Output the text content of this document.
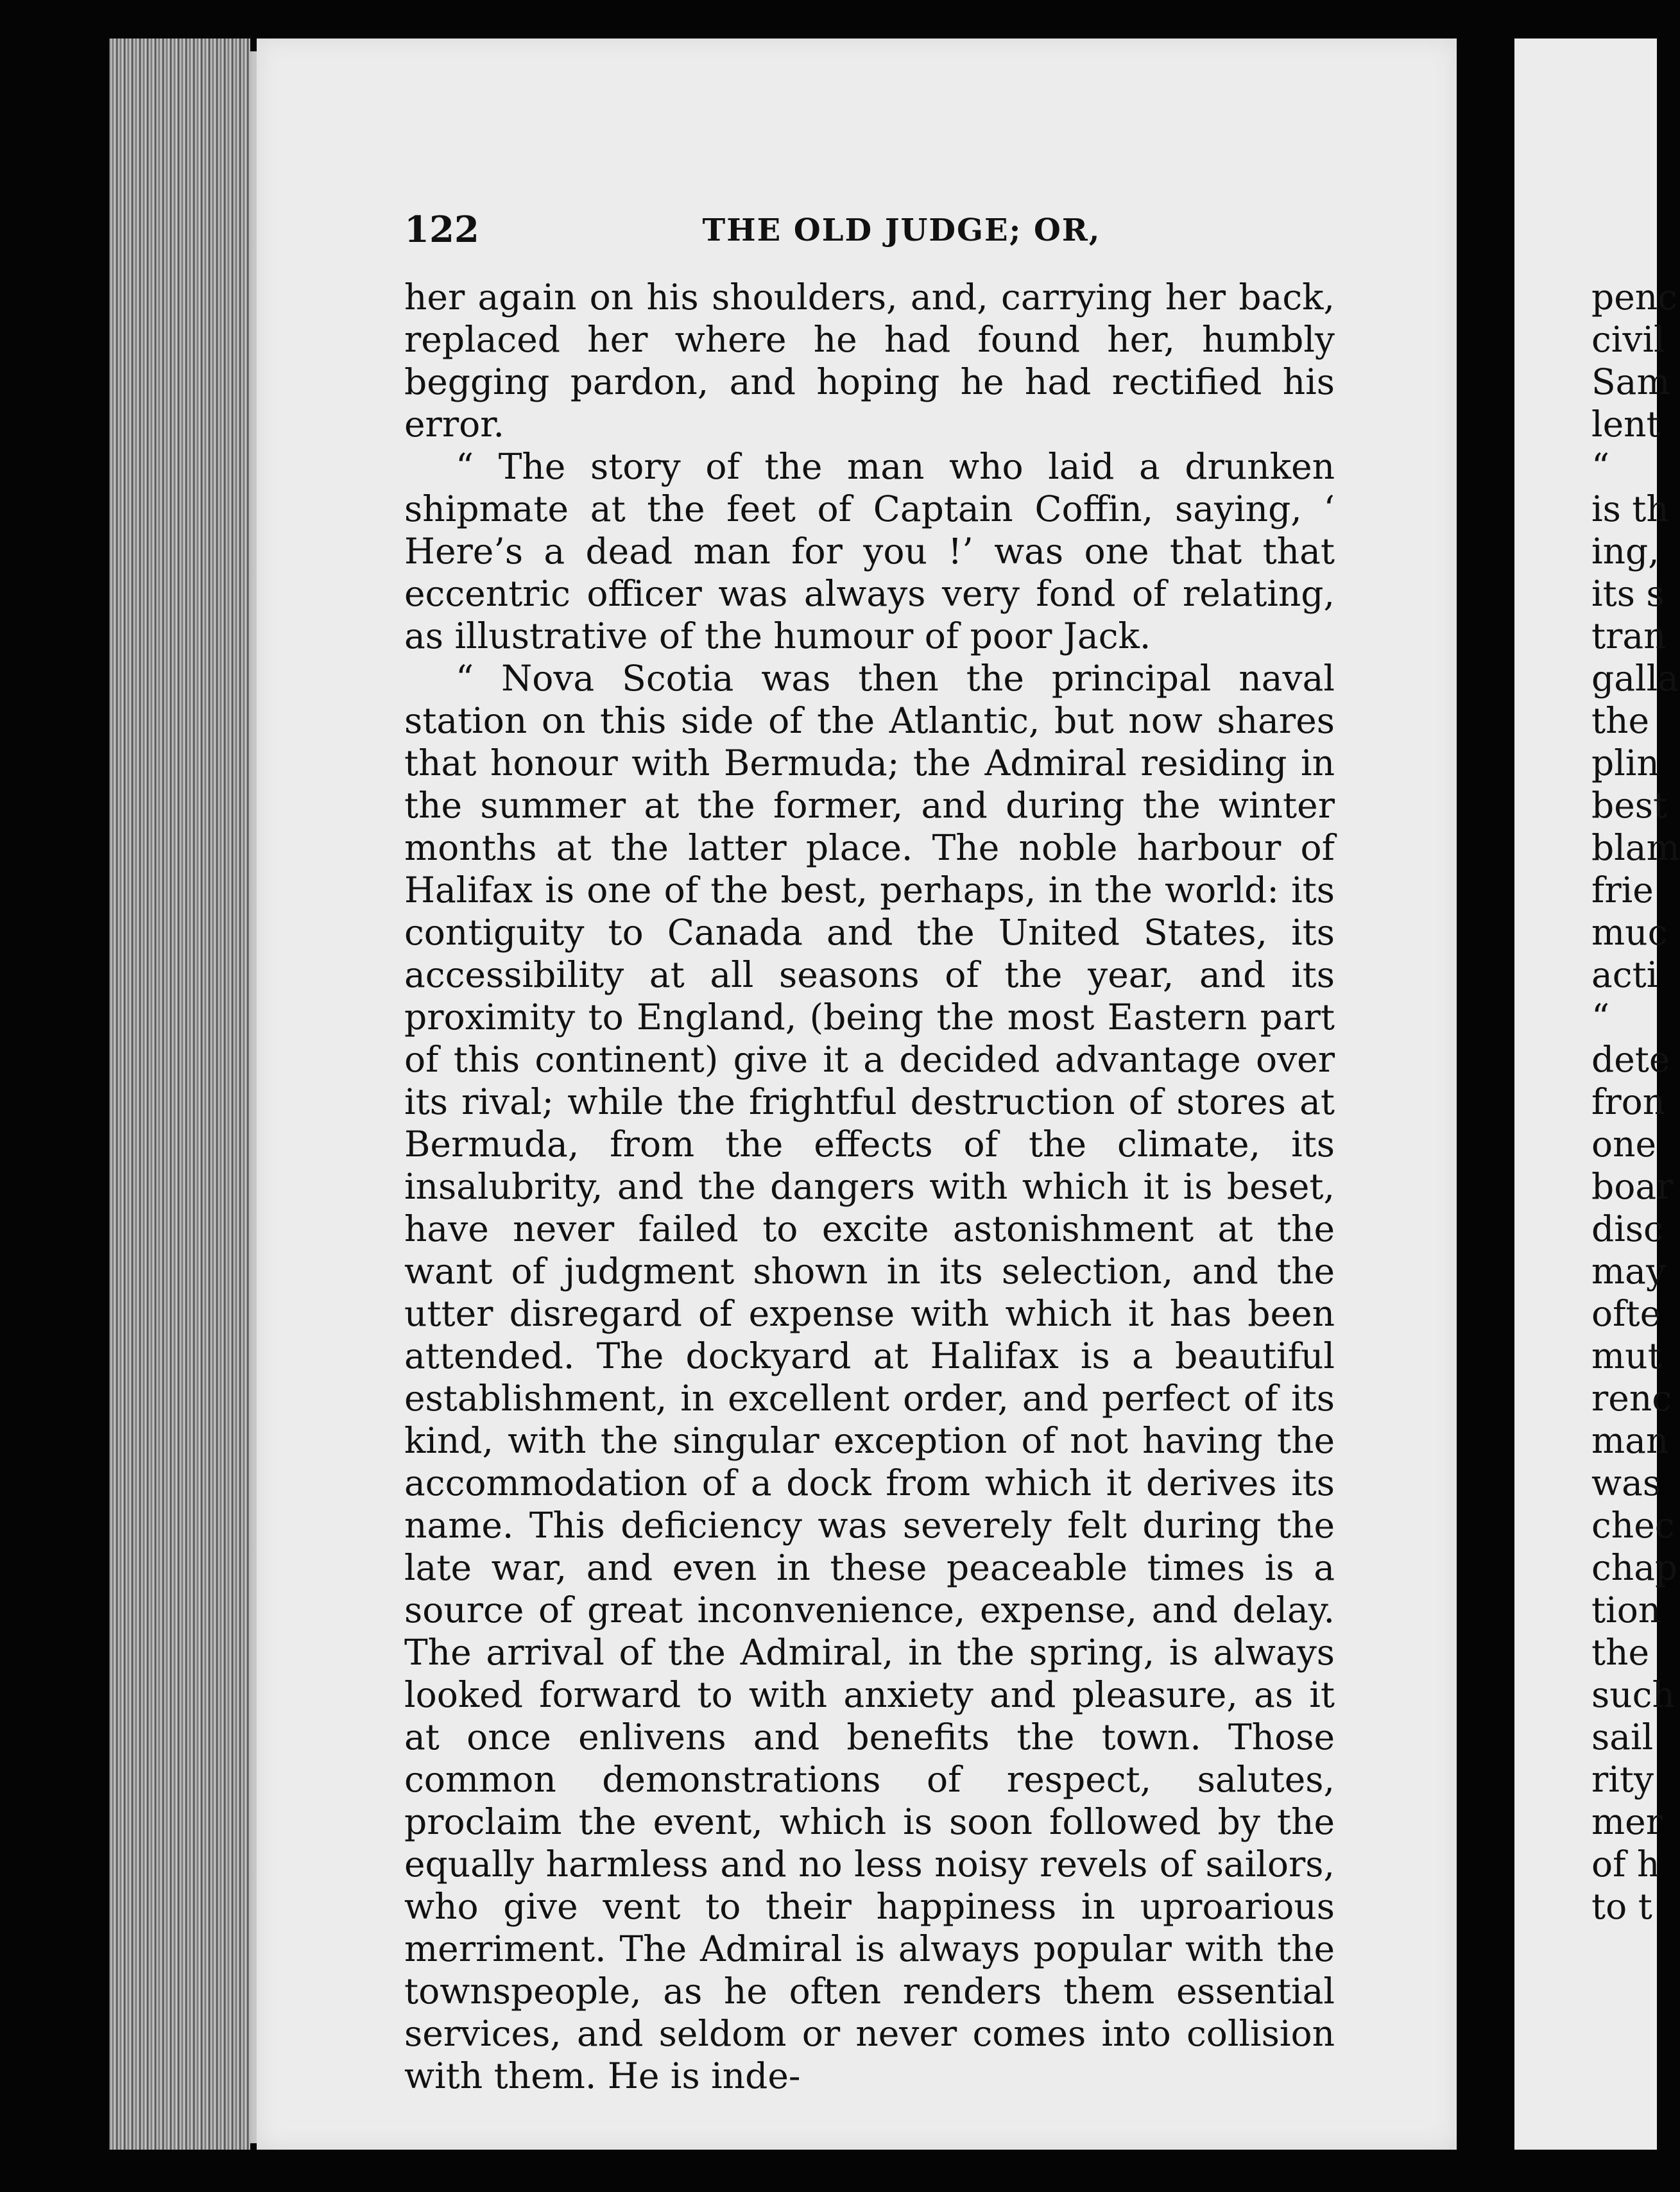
122	THE OLD JUDGE; OR,

her again on his shoulders, and, carrying her back, replaced her where he had found her, humbly begging pardon, and hoping he had rectified his error.

“ The story of the man who laid a drunken shipmate at the feet of Captain Coffin, saying, ‘ Here’s a dead man for you !’ was one that that eccentric officer was always very fond of relating, as illustrative of the humour of poor Jack.

“ Nova Scotia was then the principal naval station on this side of the Atlantic, but now shares that honour with Bermuda; the Admiral residing in the summer at the former, and during the winter months at the latter place. The noble harbour of Halifax is one of the best, perhaps, in the world: its contiguity to Canada and the United States, its accessibility at all seasons of the year, and its proximity to England, (being the most Eastern part of this continent) give it a decided advantage over its rival; while the frightful destruction of stores at Bermuda, from the effects of the climate, its insalubrity, and the dangers with which it is beset, have never failed to excite astonishment at the want of judgment shown in its selection, and the utter disregard of expense with which it has been attended. The dockyard at Halifax is a beautiful establishment, in excellent order, and perfect of its kind, with the singular exception of not having the accommodation of a dock from which it derives its name. This deficiency was severely felt during the late war, and even in these peaceable times is a source of great inconvenience, expense, and delay. The arrival of the Admiral, in the spring, is always looked forward to with anxiety and pleasure, as it at once enlivens and benefits the town. Those common demonstrations of respect, salutes, proclaim the event, which is soon followed by the equally harmless and no less noisy revels of sailors, who give vent to their happiness in uproarious merriment. The Admiral is always popular with the townspeople, as he often renders them essential services, and seldom or never comes into collision with them. He is inde-

penc
civil
Sam
lent
“
is th
ing,
its s
tran
galla
the
plin
best
blam
frie
muc
acti
“
dete
fron
one
boar
disc
may
ofte
mut
renc
man
was
chec
chap
tion
the
such
sail
rity
mer
of h
to t
